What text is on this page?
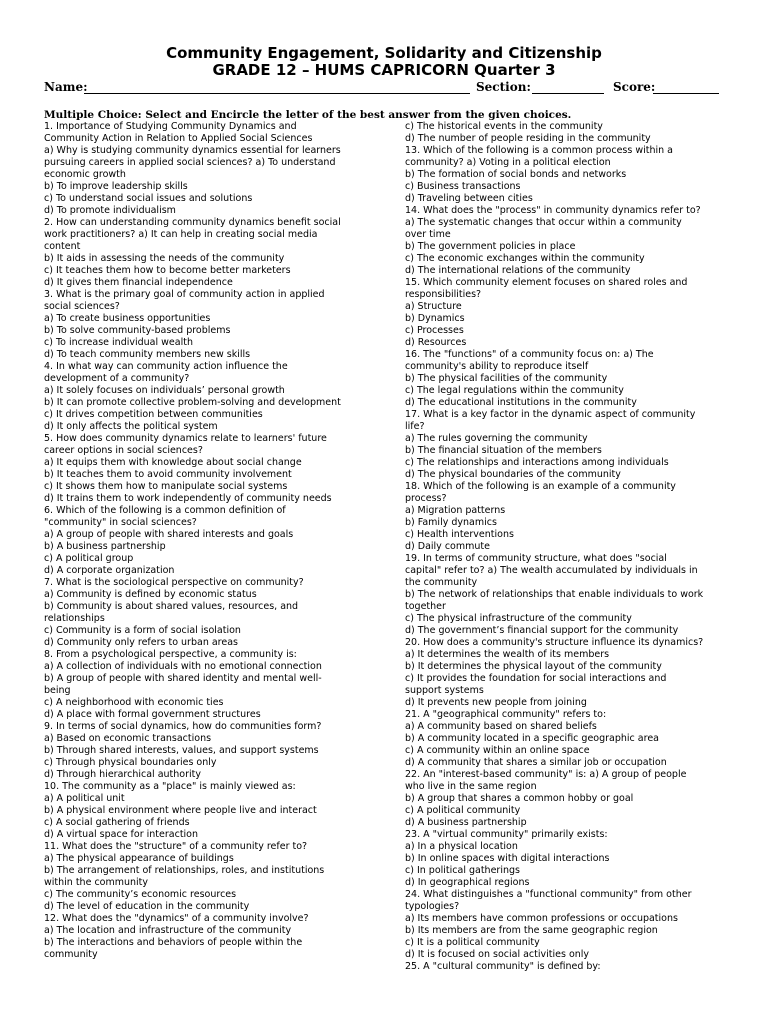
Community Engagement, Solidarity and Citizenship
GRADE 12 – HUMS CAPRICORN Quarter 3
Name:	Section:	Score:
Multiple Choice: Select and Encircle the letter of the best answer from the given choices.

1. Importance of Studying Community Dynamics and

Community Action in Relation to Applied Social Sciences

a) Why is studying community dynamics essential for learners

pursuing careers in applied social sciences? a) To understand

economic growth

b) To improve leadership skills

c) To understand social issues and solutions

d) To promote individualism

2. How can understanding community dynamics benefit social

work practitioners? a) It can help in creating social media

content

b) It aids in assessing the needs of the community

c) It teaches them how to become better marketers

d) It gives them financial independence

3. What is the primary goal of community action in applied

social sciences?

a) To create business opportunities

b) To solve community-based problems

c) To increase individual wealth

d) To teach community members new skills

4. In what way can community action influence the

development of a community?

a) It solely focuses on individuals’ personal growth

b) It can promote collective problem-solving and development

c) It drives competition between communities

d) It only affects the political system

5. How does community dynamics relate to learners' future

career options in social sciences?

a) It equips them with knowledge about social change

b) It teaches them to avoid community involvement

c) It shows them how to manipulate social systems

d) It trains them to work independently of community needs

6. Which of the following is a common definition of

"community" in social sciences?

a) A group of people with shared interests and goals

b) A business partnership

c) A political group

d) A corporate organization

7. What is the sociological perspective on community?

a) Community is defined by economic status

b) Community is about shared values, resources, and

relationships

c) Community is a form of social isolation

d) Community only refers to urban areas

8. From a psychological perspective, a community is:

a) A collection of individuals with no emotional connection

b) A group of people with shared identity and mental well-

being

c) A neighborhood with economic ties

d) A place with formal government structures

9. In terms of social dynamics, how do communities form?

a) Based on economic transactions

b) Through shared interests, values, and support systems

c) Through physical boundaries only

d) Through hierarchical authority

10. The community as a "place" is mainly viewed as:

a) A political unit

b) A physical environment where people live and interact

c) A social gathering of friends

d) A virtual space for interaction

11. What does the "structure" of a community refer to?

a) The physical appearance of buildings

b) The arrangement of relationships, roles, and institutions

within the community

c) The community’s economic resources

d) The level of education in the community

12. What does the "dynamics" of a community involve?

a) The location and infrastructure of the community

b) The interactions and behaviors of people within the

community

c) The historical events in the community

d) The number of people residing in the community

13. Which of the following is a common process within a

community? a) Voting in a political election

b) The formation of social bonds and networks

c) Business transactions

d) Traveling between cities

14. What does the "process" in community dynamics refer to?

a) The systematic changes that occur within a community

over time

b) The government policies in place

c) The economic exchanges within the community

d) The international relations of the community

15. Which community element focuses on shared roles and

responsibilities?

a) Structure

b) Dynamics

c) Processes

d) Resources

16. The "functions" of a community focus on: a) The

community's ability to reproduce itself

b) The physical facilities of the community

c) The legal regulations within the community

d) The educational institutions in the community

17. What is a key factor in the dynamic aspect of community

life?

a) The rules governing the community

b) The financial situation of the members

c) The relationships and interactions among individuals

d) The physical boundaries of the community

18. Which of the following is an example of a community

process?

a) Migration patterns

b) Family dynamics

c) Health interventions

d) Daily commute

19. In terms of community structure, what does "social

capital" refer to? a) The wealth accumulated by individuals in

the community

b) The network of relationships that enable individuals to work

together

c) The physical infrastructure of the community

d) The government’s financial support for the community

20. How does a community's structure influence its dynamics?

a) It determines the wealth of its members

b) It determines the physical layout of the community

c) It provides the foundation for social interactions and

support systems

d) It prevents new people from joining

21. A "geographical community" refers to:

a) A community based on shared beliefs

b) A community located in a specific geographic area

c) A community within an online space

d) A community that shares a similar job or occupation

22. An "interest-based community" is: a) A group of people

who live in the same region

b) A group that shares a common hobby or goal

c) A political community

d) A business partnership

23. A "virtual community" primarily exists:

a) In a physical location

b) In online spaces with digital interactions

c) In political gatherings

d) In geographical regions

24. What distinguishes a "functional community" from other

typologies?

a) Its members have common professions or occupations

b) Its members are from the same geographic region

c) It is a political community

d) It is focused on social activities only

25. A "cultural community" is defined by:
